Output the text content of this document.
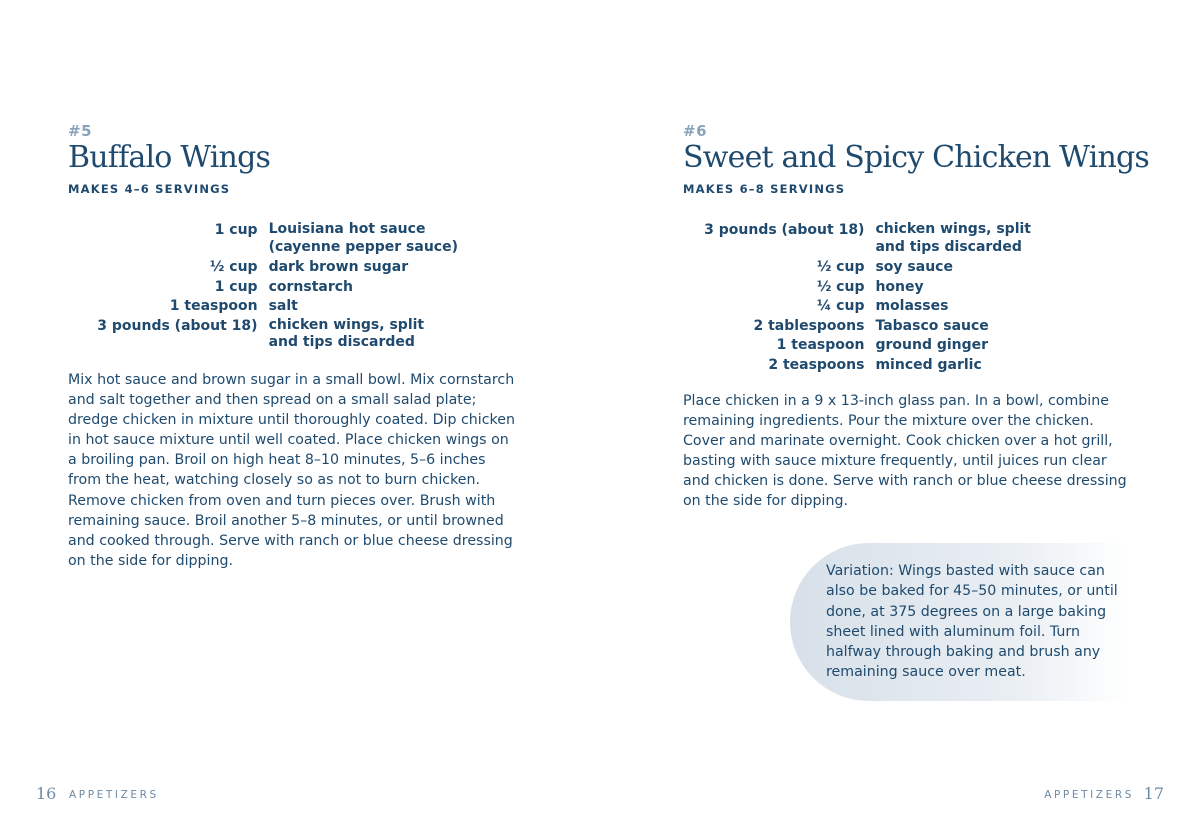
#5
Buffalo Wings
MAKES 4–6 SERVINGS
1 cup	Louisiana hot sauce
(cayenne pepper sauce)
½ cup	dark brown sugar
1 cup	cornstarch
1 teaspoon	salt
3 pounds (about 18)	chicken wings, split
and tips discarded

Mix hot sauce and brown sugar in a small bowl. Mix cornstarch and salt together and then spread on a small salad plate; dredge chicken in mixture until thoroughly coated. Dip chicken in hot sauce mixture until well coated. Place chicken wings on a broiling pan. Broil on high heat 8–10 minutes, 5–6 inches from the heat, watching closely so as not to burn chicken. Remove chicken from oven and turn pieces over. Brush with remaining sauce. Broil another 5–8 minutes, or until browned and cooked through. Serve with ranch or blue cheese dressing on the side for dipping.

16 APPETIZERS
#6
Sweet and Spicy Chicken Wings
MAKES 6–8 SERVINGS
3 pounds (about 18)	chicken wings, split
and tips discarded
½ cup	soy sauce
½ cup	honey
¼ cup	molasses
2 tablespoons	Tabasco sauce
1 teaspoon	ground ginger
2 teaspoons	minced garlic

Place chicken in a 9 x 13-inch glass pan. In a bowl, combine remaining ingredients. Pour the mixture over the chicken. Cover and marinate overnight. Cook chicken over a hot grill, basting with sauce mixture frequently, until juices run clear and chicken is done. Serve with ranch or blue cheese dressing on the side for dipping.

Variation: Wings basted with sauce can also be baked for 45–50 minutes, or until done, at 375 degrees on a large baking sheet lined with aluminum foil. Turn halfway through baking and brush any remaining sauce over meat.

APPETIZERS 17
